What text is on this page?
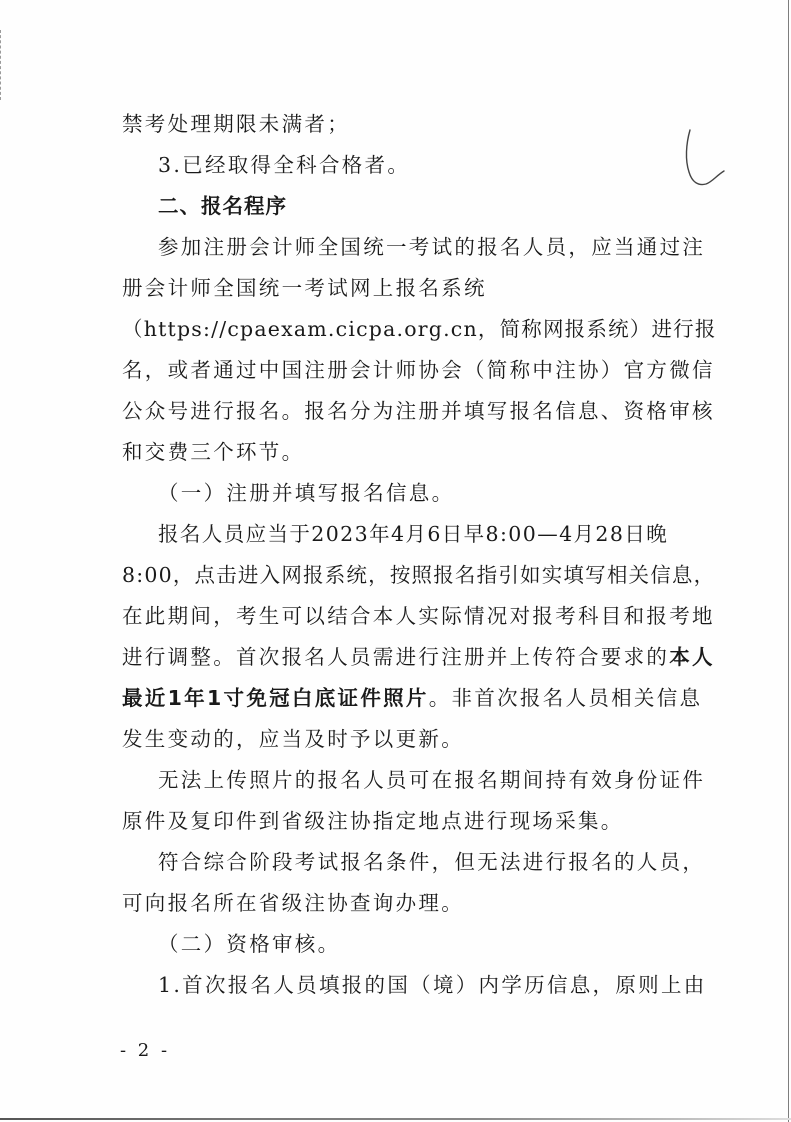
禁考处理期限未满者；
3.已经取得全科合格者。
二、报名程序
参加注册会计师全国统一考试的报名人员，应当通过注
册会计师全国统一考试网上报名系统
（https://cpaexam.cicpa.org.cn，简称网报系统）进行报
名，或者通过中国注册会计师协会（简称中注协）官方微信
公众号进行报名。报名分为注册并填写报名信息、资格审核
和交费三个环节。
（一）注册并填写报名信息。
报名人员应当于2023年4月6日早8:00—4月28日晚
8:00，点击进入网报系统，按照报名指引如实填写相关信息，
在此期间，考生可以结合本人实际情况对报考科目和报考地
进行调整。首次报名人员需进行注册并上传符合要求的本人
最近1年1寸免冠白底证件照片。非首次报名人员相关信息
发生变动的，应当及时予以更新。
无法上传照片的报名人员可在报名期间持有效身份证件
原件及复印件到省级注协指定地点进行现场采集。
符合综合阶段考试报名条件，但无法进行报名的人员，
可向报名所在省级注协查询办理。
（二）资格审核。
1.首次报名人员填报的国（境）内学历信息，原则上由
- 2 -
